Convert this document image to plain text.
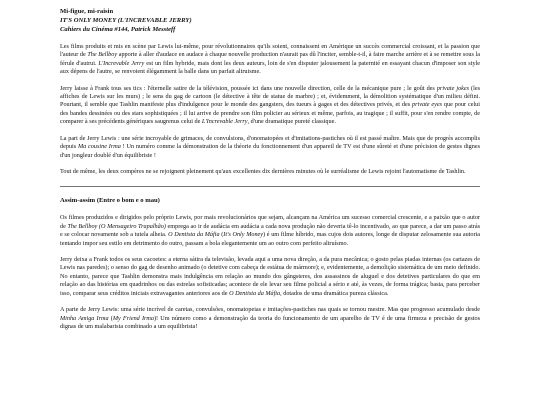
Mi-figue, mi-raisin

IT'S ONLY MONEY (L'INCREVABLE JERRY)

Cahiers du Cinéma #144, Patrick Messteff

Les films produits et mis en scène par Lewis lui-même, pour révolutionnaires qu'ils soient, connaissent en Amérique un succès commercial croissant, et la passion que l'auteur de The Bellboy apporte à aller d'audace en audace à chaque nouvelle production n'aurait pas dû l'inciter, semble-t-il, à faire marche arrière et à se remettre sous la férule d'autrui. L'Increvable Jerry est un film hybride, mais dont les deux auteurs, loin de s'en disputer jalousement la paternité en essayant chacun d'imposer son style aux dépens de l'autre, se renvoient élégamment la balle dans un parfait altruisme.

Jerry laisse à Frank tous ses tics : l'éternelle satire de la télévision, poussée ici dans une nouvelle direction, celle de la mécanique pure ; le goût des private jokes (les affiches de Lewis sur les murs) ; le sens du gag de cartoon (le détective à tête de statue de marbre) ; et, évidemment, la démolition systématique d'un milieu défini. Pourtant, il semble que Tashlin manifeste plus d'indulgence pour le monde des gangsters, des tueurs à gages et des détectives privés, et des private eyes que pour celui des bandes dessinées ou des stars sophistiquées ; il lui arrive de prendre son film policier au sérieux et même, parfois, au tragique ; il suffit, pour s'en rendre compte, de comparer à ses précédents génériques saugrenus celui de L'Increvable Jerry, d'une dramatique pureté classique.

La part de Jerry Lewis : une série incroyable de grimaces, de convulsions, d'onomatopées et d'imitations-pastiches où il est passé maître. Mais que de progrès accomplis depuis Ma cousine Irma ! Un numéro comme la démonstration de la théorie du fonctionnement d'un appareil de TV est d'une sûreté et d'une précision de gestes dignes d'un jongleur doublé d'un équilibriste !

Tout de même, les deux compères ne se rejoignent pleinement qu'aux excellentes dix dernières minutes où le surréalisme de Lewis rejoint l'automatisme de Tashlin.

Assim-assim (Entre o bom e o mau)

Os filmes produzidos e dirigidos pelo próprio Lewis, por mais revolucionários que sejam, alcançam na América um sucesso comercial crescente, e a paixão que o autor de The Bellboy (O Mensageiro Trapalhão) emprega ao ir de audácia em audácia a cada nova produção não deveria tê-lo incentivado, ao que parece, a dar um passo atrás e se colocar novamente sob a tutela alheia. O Dentista da Máfia (It's Only Money) é um filme híbrido, mas cujos dois autores, longe de disputar zelosamente sua autoria tentando impor seu estilo em detrimento do outro, passam a bola elegantemente um ao outro com perfeito altruísmo.

Jerry deixa a Frank todos os seus cacoetes: a eterna sátira da televisão, levada aqui a uma nova direção, a da pura mecânica; o gosto pelas piadas internas (os cartazes de Lewis nas paredes); o senso do gag de desenho animado (o detetive com cabeça de estátua de mármore); e, evidentemente, a demolição sistemática de um meio definido. No entanto, parece que Tashlin demonstra mais indulgência em relação ao mundo dos gângsteres, dos assassinos de aluguel e dos detetives particulares do que em relação ao das histórias em quadrinhos ou das estrelas sofisticadas; acontece de ele levar seu filme policial a sério e até, às vezes, de forma trágica; basta, para perceber isso, comparar seus créditos iniciais extravagantes anteriores aos de O Dentista da Máfia, dotados de uma dramática pureza clássica.

A parte de Jerry Lewis: uma série incrível de caretas, convulsões, onomatopeias e imitações-pastiches nas quais se tornou mestre. Mas que progresso acumulado desde Minha Amiga Irma (My Friend Irma)! Um número como a demonstração da teoria do funcionamento de um aparelho de TV é de uma firmeza e precisão de gestos dignas de um malabarista combinado a um equilibrista!
